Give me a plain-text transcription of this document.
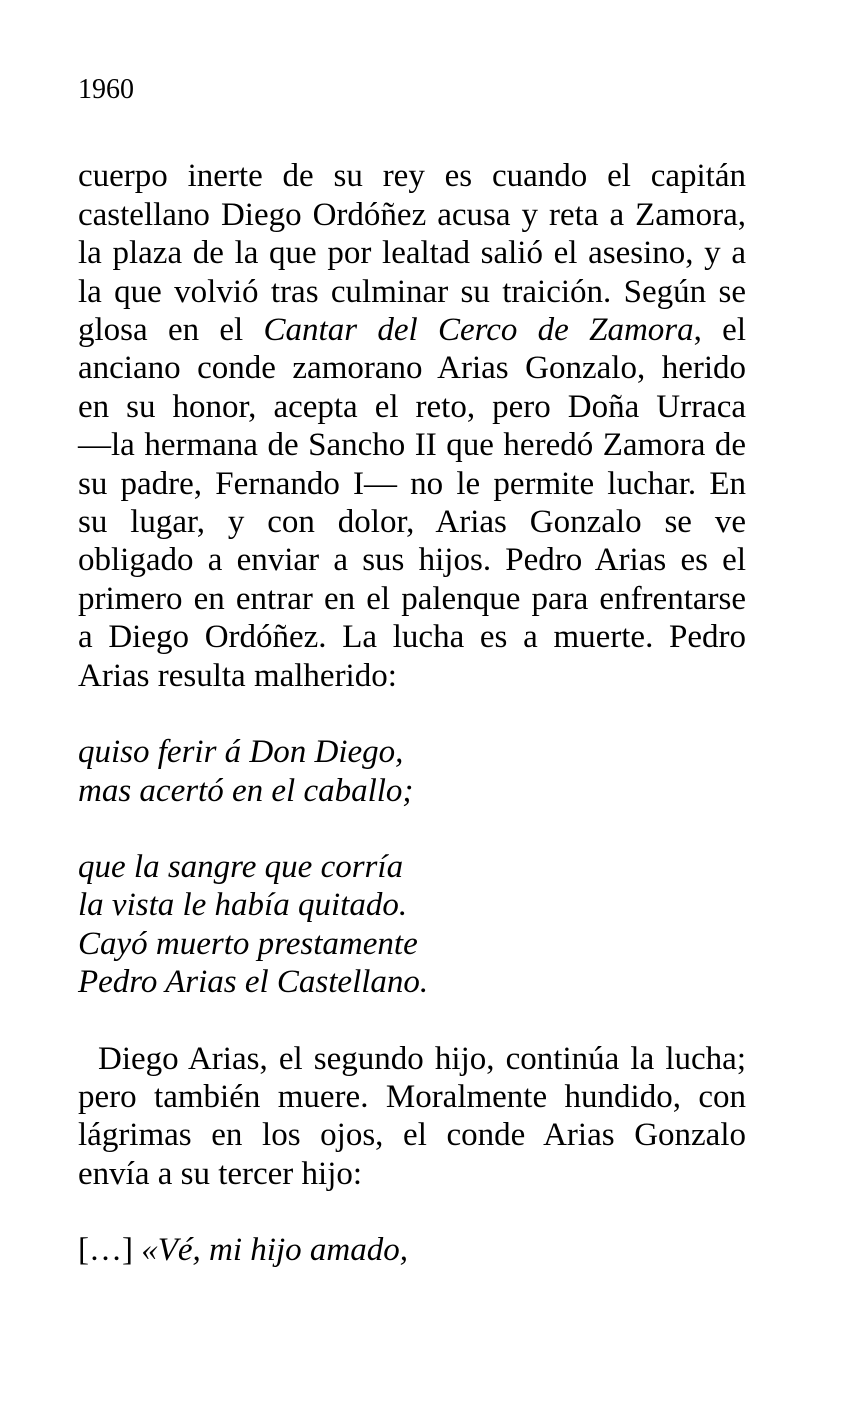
1960
cuerpo inerte de su rey es cuando el capitán
castellano Diego Ordóñez acusa y reta a Zamora,
la plaza de la que por lealtad salió el asesino, y a
la que volvió tras culminar su traición. Según se
glosa en el Cantar del Cerco de Zamora, el
anciano conde zamorano Arias Gonzalo, herido
en su honor, acepta el reto, pero Doña Urraca
—la hermana de Sancho II que heredó Zamora de
su padre, Fernando I— no le permite luchar. En
su lugar, y con dolor, Arias Gonzalo se ve
obligado a enviar a sus hijos. Pedro Arias es el
primero en entrar en el palenque para enfrentarse
a Diego Ordóñez. La lucha es a muerte. Pedro
Arias resulta malherido:
quiso ferir á Don Diego,
mas acertó en el caballo;
que la sangre que corría
la vista le había quitado.
Cayó muerto prestamente
Pedro Arias el Castellano.
Diego Arias, el segundo hijo, continúa la lucha;
pero también muere. Moralmente hundido, con
lágrimas en los ojos, el conde Arias Gonzalo
envía a su tercer hijo:
[…] «Vé, mi hijo amado,
